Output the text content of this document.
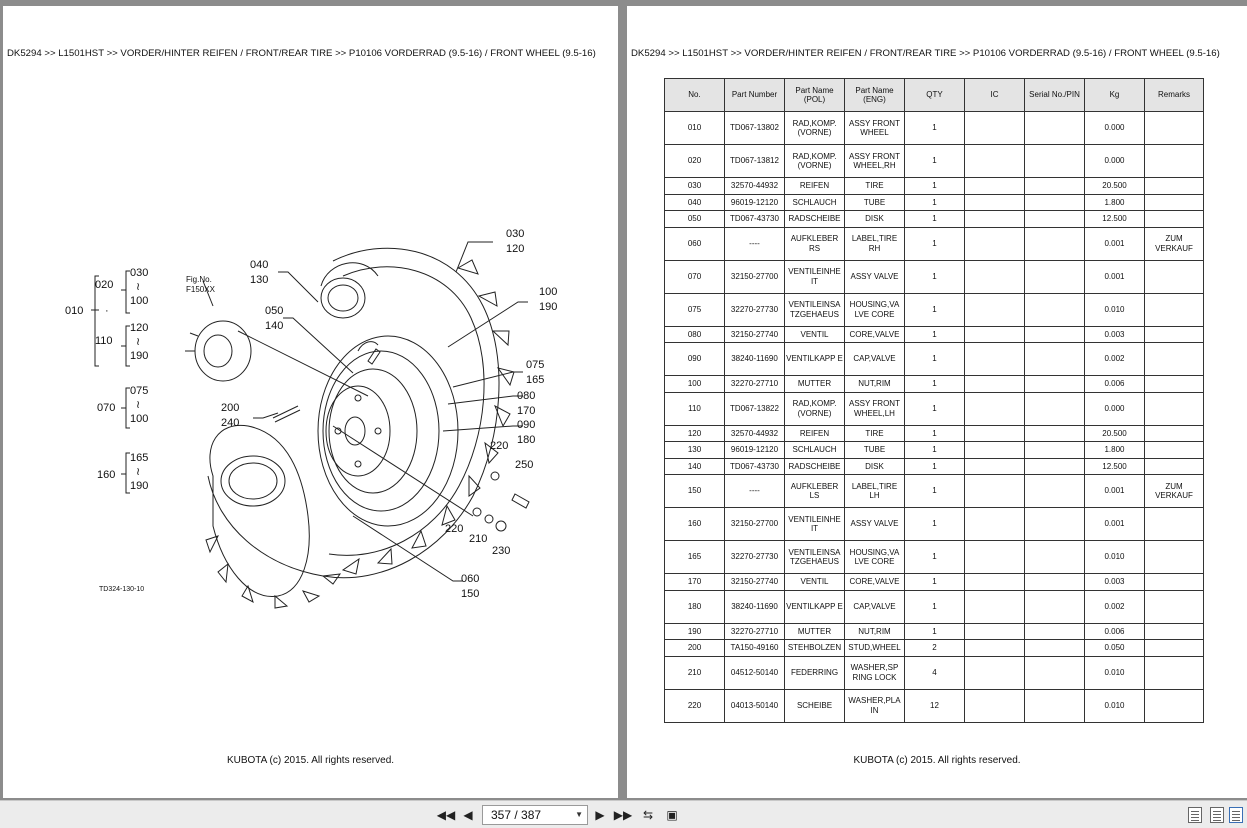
DK5294 >> L1501HST >> VORDER/HINTER REIFEN / FRONT/REAR TIRE >> P10106 VORDERRAD (9.5-16) / FRONT WHEEL (9.5-16)
030
120
040
130
100
190
050
140
075
165
080
170
090
180
200
240
220
250
210
230
060
150
220
Fig.No.
F150XX
TD324-130-10
010 ·
020
110
030
≀
100
120
≀
190
070
075
≀
100
160
165
≀
190
KUBOTA (c) 2015. All rights reserved.
DK5294 >> L1501HST >> VORDER/HINTER REIFEN / FRONT/REAR TIRE >> P10106 VORDERRAD (9.5-16) / FRONT WHEEL (9.5-16)
No.	Part Number	Part Name (POL)	Part Name (ENG)	QTY	IC	Serial No./PIN	Kg	Remarks
010	TD067-13802	RAD,KOMP. (VORNE)	ASSY FRONT WHEEL	1			0.000	
020	TD067-13812	RAD,KOMP. (VORNE)	ASSY FRONT WHEEL,RH	1			0.000	
030	32570-44932	REIFEN	TIRE	1			20.500	
040	96019-12120	SCHLAUCH	TUBE	1			1.800	
050	TD067-43730	RADSCHEIBE	DISK	1			12.500	
060	----	AUFKLEBER RS	LABEL,TIRE RH	1			0.001	ZUM VERKAUF
070	32150-27700	VENTILEINHE IT	ASSY VALVE	1			0.001	
075	32270-27730	VENTILEINSA TZGEHAEUS	HOUSING,VA LVE CORE	1			0.010	
080	32150-27740	VENTIL	CORE,VALVE	1			0.003	
090	38240-11690	VENTILKAPP E	CAP,VALVE	1			0.002	
100	32270-27710	MUTTER	NUT,RIM	1			0.006	
110	TD067-13822	RAD,KOMP. (VORNE)	ASSY FRONT WHEEL,LH	1			0.000	
120	32570-44932	REIFEN	TIRE	1			20.500	
130	96019-12120	SCHLAUCH	TUBE	1			1.800	
140	TD067-43730	RADSCHEIBE	DISK	1			12.500	
150	----	AUFKLEBER LS	LABEL,TIRE LH	1			0.001	ZUM VERKAUF
160	32150-27700	VENTILEINHE IT	ASSY VALVE	1			0.001	
165	32270-27730	VENTILEINSA TZGEHAEUS	HOUSING,VA LVE CORE	1			0.010	
170	32150-27740	VENTIL	CORE,VALVE	1			0.003	
180	38240-11690	VENTILKAPP E	CAP,VALVE	1			0.002	
190	32270-27710	MUTTER	NUT,RIM	1			0.006	
200	TA150-49160	STEHBOLZEN	STUD,WHEEL	2			0.050	
210	04512-50140	FEDERRING	WASHER,SP RING LOCK	4			0.010	
220	04013-50140	SCHEIBE	WASHER,PLA IN	12			0.010	
KUBOTA (c) 2015. All rights reserved.
◀◀ ◀	357 / 387	▼	▶ ▶▶ ⇆	▣
